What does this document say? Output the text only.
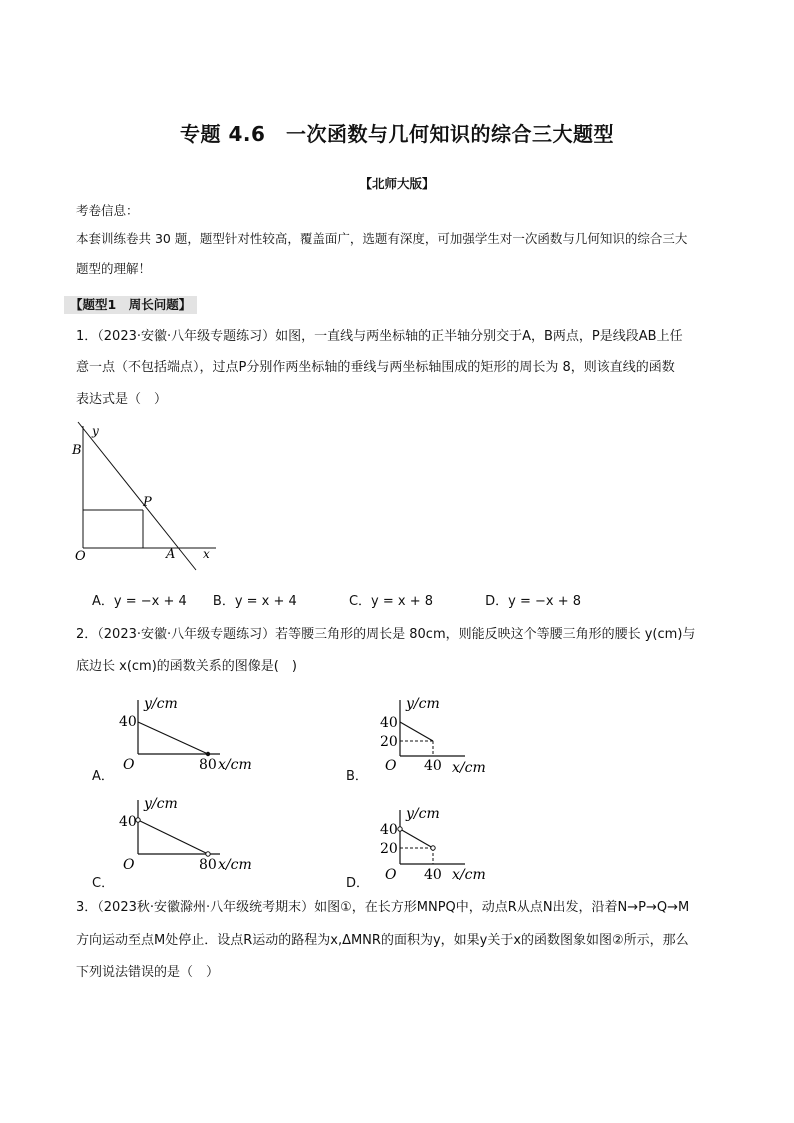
专题 4.6　一次函数与几何知识的综合三大题型
【北师大版】
考卷信息：
本套训练卷共 30 题，题型针对性较高，覆盖面广，选题有深度，可加强学生对一次函数与几何知识的综合三大
题型的理解！
【题型1　周长问题】
1．（2023·安徽·八年级专题练习）如图，一直线与两坐标轴的正半轴分别交于A，B两点，P是线段AB上任
意一点（不包括端点），过点P分别作两坐标轴的垂线与两坐标轴围成的矩形的周长为 8，则该直线的函数
表达式是（　）
y
B
P
O	A x
A．y = −x + 4 B．y = x + 4	C．y = x + 8	D．y = −x + 8
2．（2023·安徽·八年级专题练习）若等腰三角形的周长是 80cm，则能反映这个等腰三角形的腰长 y(cm)与
底边长 x(cm)的函数关系的图像是(　)
y/cm
40
O	80 x/cm
A．
y/cm
40
20
O 40 x/cm
B．
y/cm
40
O	80 x/cm
C．
y/cm
40
20
O 40 x/cm
D．
3．（2023秋·安徽滁州·八年级统考期末）如图①，在长方形MNPQ中，动点R从点N出发，沿着N→P→Q→M
方向运动至点M处停止．设点R运动的路程为x,ΔMNR的面积为y，如果y关于x的函数图象如图②所示，那么
下列说法错误的是（　）
